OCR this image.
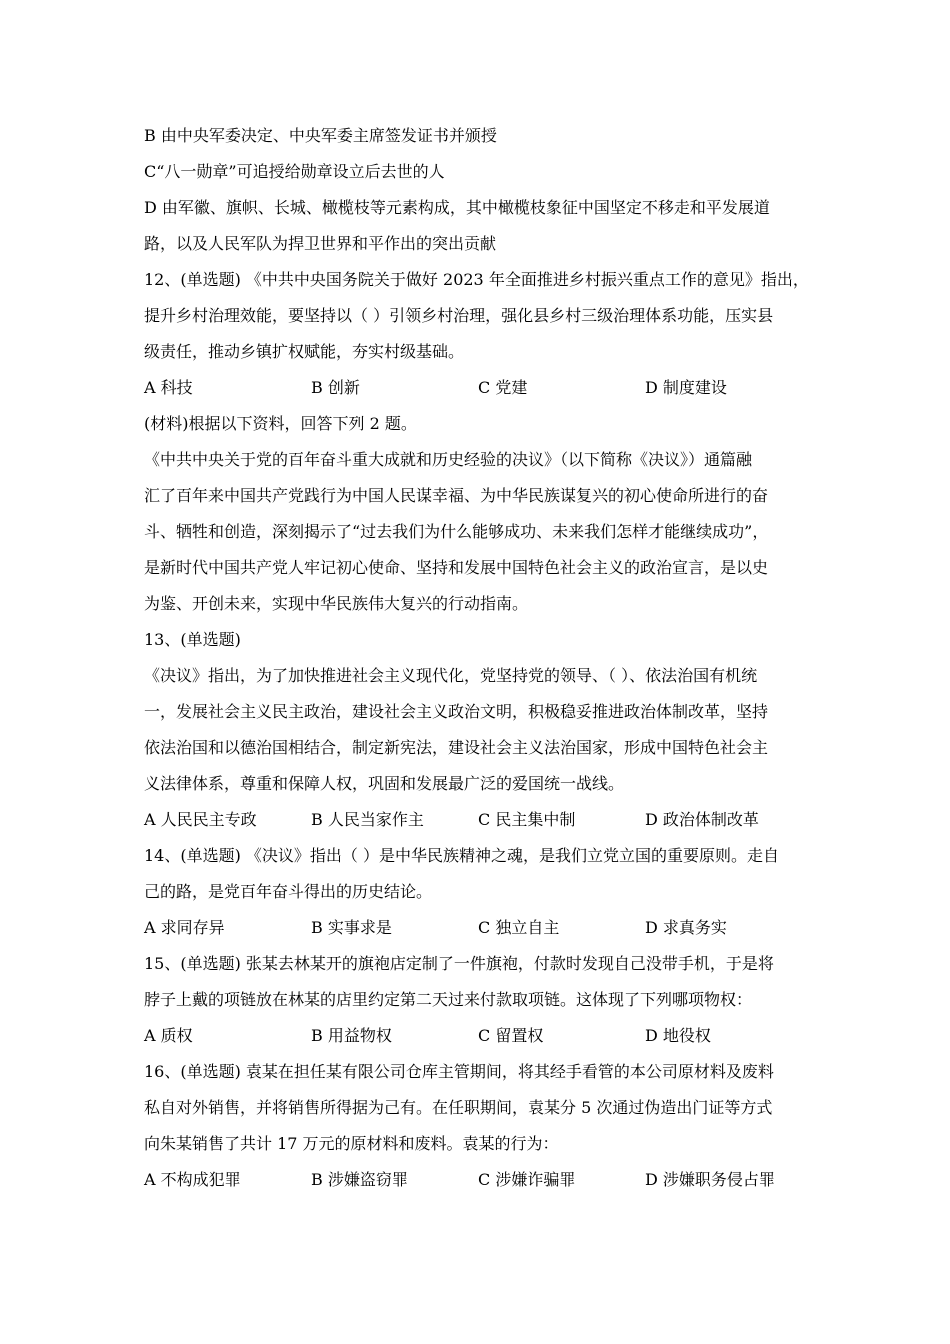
B 由中央军委决定、中央军委主席签发证书并颁授
C“八一勋章”可追授给勋章设立后去世的人
D 由军徽、旗帜、长城、橄榄枝等元素构成，其中橄榄枝象征中国坚定不移走和平发展道
路，以及人民军队为捍卫世界和平作出的突出贡献
12、(单选题) 《中共中央国务院关于做好 2023 年全面推进乡村振兴重点工作的意见》指出，
提升乡村治理效能，要坚持以（ ）引领乡村治理，强化县乡村三级治理体系功能，压实县
级责任，推动乡镇扩权赋能，夯实村级基础。
A 科技	B 创新	C 党建	D 制度建设
(材料)根据以下资料，回答下列 2 题。
《中共中央关于党的百年奋斗重大成就和历史经验的决议》（以下简称《决议》）通篇融
汇了百年来中国共产党践行为中国人民谋幸福、为中华民族谋复兴的初心使命所进行的奋
斗、牺牲和创造，深刻揭示了“过去我们为什么能够成功、未来我们怎样才能继续成功”，
是新时代中国共产党人牢记初心使命、坚持和发展中国特色社会主义的政治宣言，是以史
为鉴、开创未来，实现中华民族伟大复兴的行动指南。
13、(单选题)
《决议》指出，为了加快推进社会主义现代化，党坚持党的领导、（ ）、依法治国有机统
一，发展社会主义民主政治，建设社会主义政治文明，积极稳妥推进政治体制改革，坚持
依法治国和以德治国相结合，制定新宪法，建设社会主义法治国家，形成中国特色社会主
义法律体系，尊重和保障人权，巩固和发展最广泛的爱国统一战线。
A 人民民主专政	B 人民当家作主	C 民主集中制	D 政治体制改革
14、(单选题) 《决议》指出（ ）是中华民族精神之魂，是我们立党立国的重要原则。走自
己的路，是党百年奋斗得出的历史结论。
A 求同存异	B 实事求是	C 独立自主	D 求真务实
15、(单选题) 张某去林某开的旗袍店定制了一件旗袍，付款时发现自己没带手机，于是将
脖子上戴的项链放在林某的店里约定第二天过来付款取项链。这体现了下列哪项物权：
A 质权	B 用益物权	C 留置权	D 地役权
16、(单选题) 袁某在担任某有限公司仓库主管期间，将其经手看管的本公司原材料及废料
私自对外销售，并将销售所得据为己有。在任职期间，袁某分 5 次通过伪造出门证等方式
向朱某销售了共计 17 万元的原材料和废料。袁某的行为：
A 不构成犯罪	B 涉嫌盗窃罪	C 涉嫌诈骗罪	D 涉嫌职务侵占罪
